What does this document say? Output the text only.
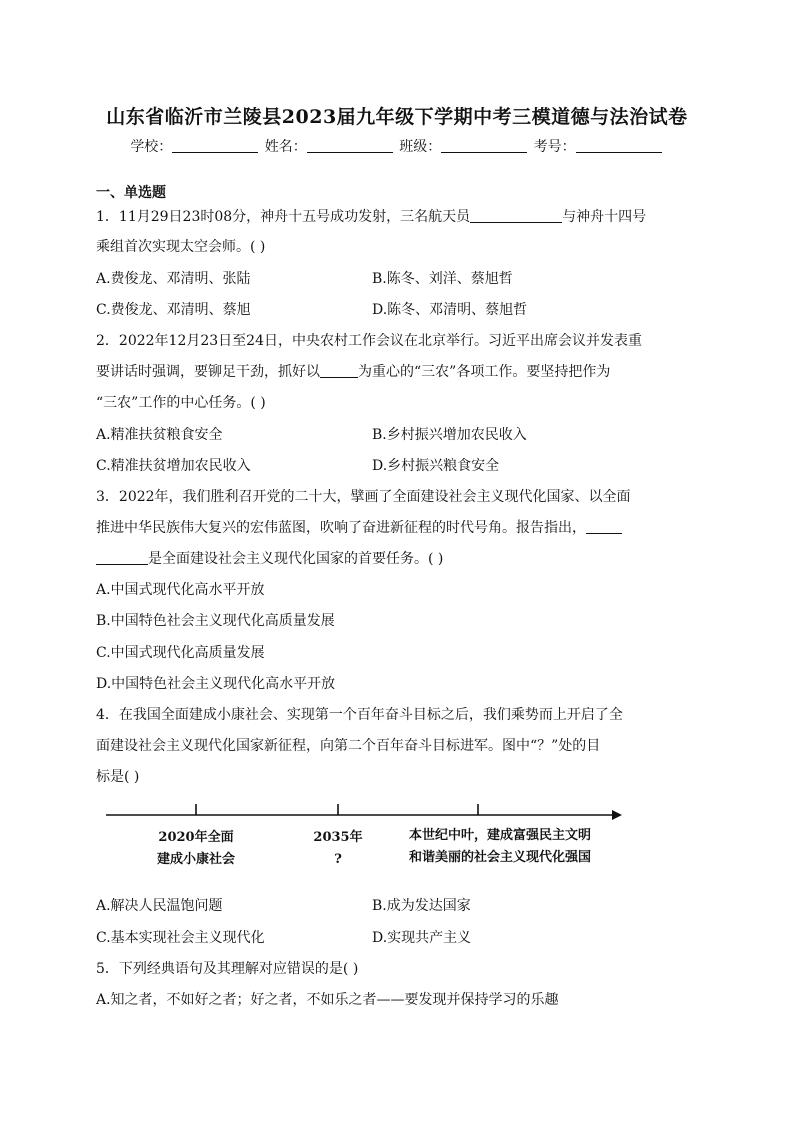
山东省临沂市兰陵县2023届九年级下学期中考三模道德与法治试卷
学校：	姓名：	班级：	考号：
一、单选题
1．11月29日23时08分，神舟十五号成功发射，三名航天员	与神舟十四号
乘组首次实现太空会师。( )
A.费俊龙、邓清明、张陆	B.陈冬、刘洋、蔡旭哲
C.费俊龙、邓清明、蔡旭	D.陈冬、邓清明、蔡旭哲
2．2022年12月23日至24日，中央农村工作会议在北京举行。习近平出席会议并发表重
要讲话时强调，要铆足干劲，抓好以	为重心的“三农”各项工作。要坚持把作为
“三农”工作的中心任务。( )
A.精准扶贫粮食安全	B.乡村振兴增加农民收入
C.精准扶贫增加农民收入	D.乡村振兴粮食安全
3．2022年，我们胜利召开党的二十大，擘画了全面建设社会主义现代化国家、以全面
推进中华民族伟大复兴的宏伟蓝图，吹响了奋进新征程的时代号角。报告指出，
是全面建设社会主义现代化国家的首要任务。( )
A.中国式现代化高水平开放
B.中国特色社会主义现代化高质量发展
C.中国式现代化高质量发展
D.中国特色社会主义现代化高水平开放
4．在我国全面建成小康社会、实现第一个百年奋斗目标之后，我们乘势而上开启了全
面建设社会主义现代化国家新征程，向第二个百年奋斗目标进军。图中“？”处的目
标是( )
2020年全面
建成小康社会
2035年
?
本世纪中叶，建成富强民主文明
和谐美丽的社会主义现代化强国
A.解决人民温饱问题	B.成为发达国家
C.基本实现社会主义现代化	D.实现共产主义
5．下列经典语句及其理解对应错误的是( )
A.知之者，不如好之者；好之者，不如乐之者——要发现并保持学习的乐趣
